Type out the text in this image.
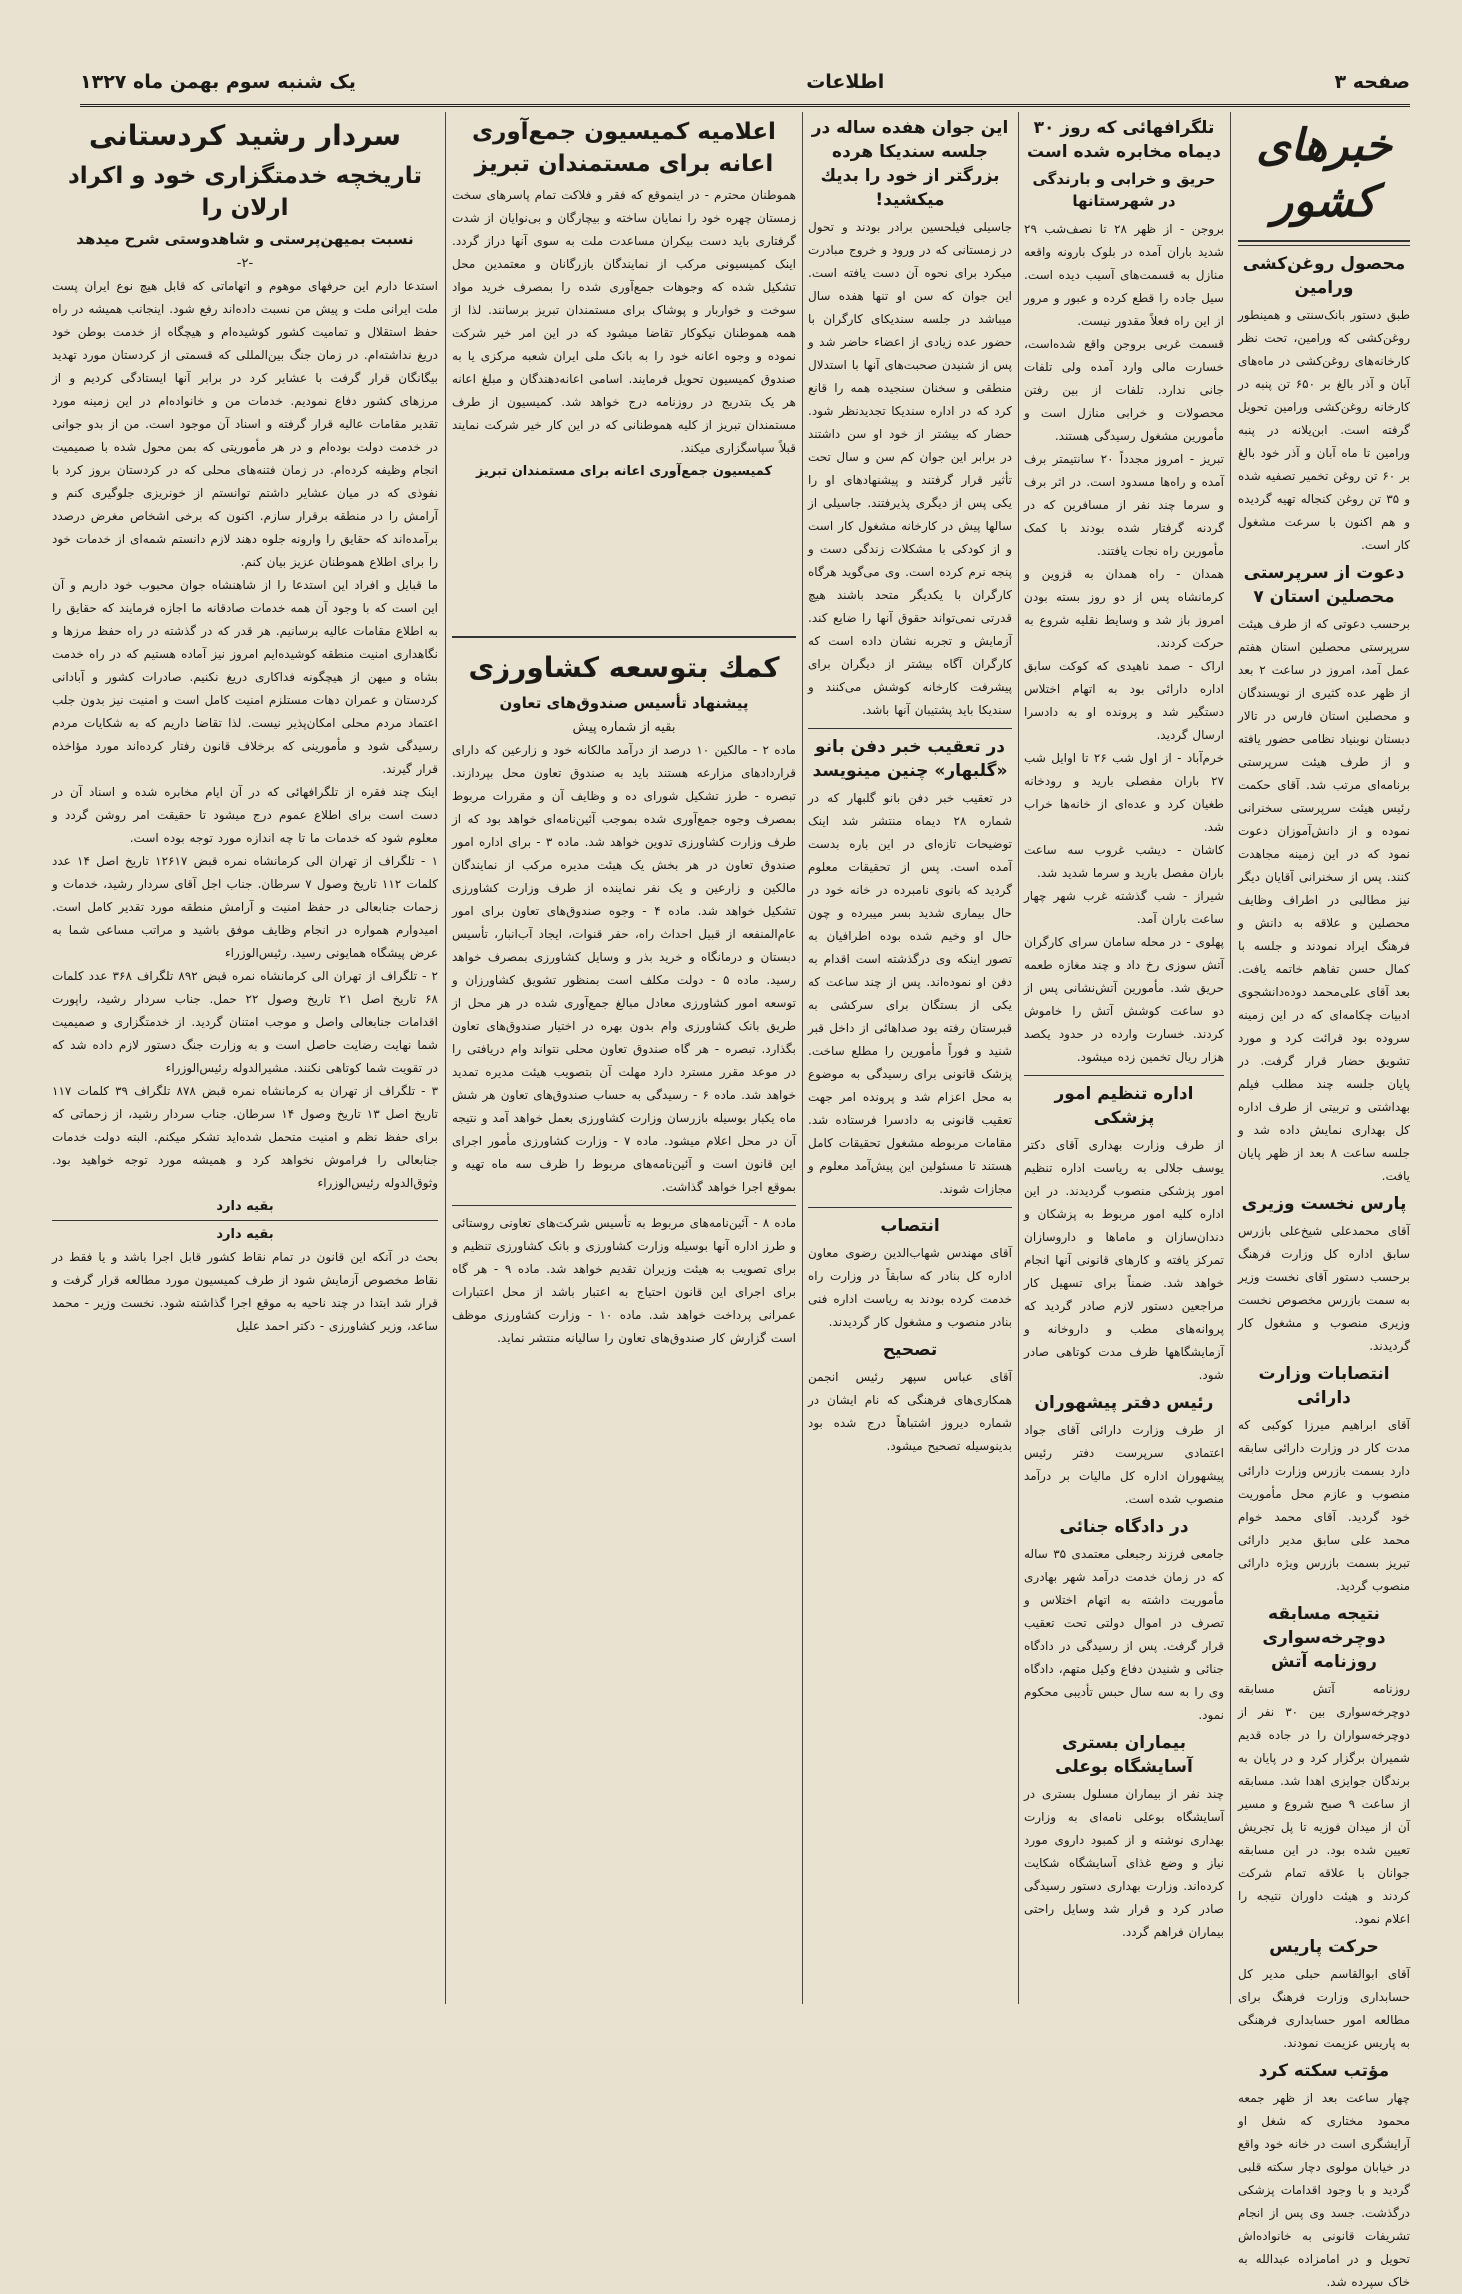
صفحه ۳
اطلاعات
یک شنبه سوم بهمن ماه ۱۳۲۷
خبرهای کشور
محصول روغن‌کشی ورامین
طبق دستور بانک‌سنتی و همینطور روغن‌کشی که ورامین، تحت نظر کارخانه‌های روغن‌کشی در ماه‌های آبان و آذر بالغ بر ۶۵۰ تن پنبه در کارخانه روغن‌کشی ورامین تحویل گرفته است. ابن‌یلانه در پنبه ورامین تا ماه آبان و آذر خود بالغ بر ۶۰ تن روغن تخمیر تصفیه شده و ۳۵ تن روغن کنجاله تهیه گردیده و هم اکنون با سرعت مشغول کار است.
دعوت از سرپرستی محصلین استان ۷
برحسب دعوتی که از طرف هیئت سرپرستی محصلین استان هفتم عمل آمد، امروز در ساعت ۲ بعد از ظهر عده کثیری از نویسندگان و محصلین استان فارس در تالار دبستان نوبنیاد نظامی حضور یافته و از طرف هیئت سرپرستی برنامه‌ای مرتب شد. آقای حکمت رئیس هیئت سرپرستی سخنرانی نموده و از دانش‌آموزان دعوت نمود که در این زمینه مجاهدت کنند. پس از سخنرانی آقایان دیگر نیز مطالبی در اطراف وظایف محصلین و علاقه به دانش و فرهنگ ایراد نمودند و جلسه با کمال حسن تفاهم خاتمه یافت. بعد آقای علی‌محمد دوده‌دانشجوی ادبیات چکامه‌ای که در این زمینه سروده بود قرائت کرد و مورد تشویق حضار قرار گرفت. در پایان جلسه چند مطلب فیلم بهداشتی و تربیتی از طرف اداره کل بهداری نمایش داده شد و جلسه ساعت ۸ بعد از ظهر پایان یافت.
پارس نخست وزیری
آقای محمدعلی شیخ‌علی بازرس سابق اداره کل وزارت فرهنگ برحسب دستور آقای نخست وزیر به سمت بازرس مخصوص نخست وزیری منصوب و مشغول کار گردیدند.
انتصابات وزارت دارائی
آقای ابراهیم میرزا کوکبی که مدت کار در وزارت دارائی سابقه دارد بسمت بازرس وزارت دارائی منصوب و عازم محل مأموریت خود گردید. آقای محمد خوام محمد علی سابق مدیر دارائی تبریز بسمت بازرس ویژه دارائی منصوب گردید.
نتیجه مسابقه دوچرخه‌سواری روزنامه آتش
روزنامه آتش مسابقه دوچرخه‌سواری بین ۳۰ نفر از دوچرخه‌سواران را در جاده قدیم شمیران برگزار کرد و در پایان به برندگان جوایزی اهدا شد. مسابقه از ساعت ۹ صبح شروع و مسیر آن از میدان فوزیه تا پل تجریش تعیین شده بود. در این مسابقه جوانان با علاقه تمام شرکت کردند و هیئت داوران نتیجه را اعلام نمود.
حرکت پاریس
آقای ابوالقاسم حبلی مدیر کل حسابداری وزارت فرهنگ برای مطالعه امور حسابداری فرهنگی به پاریس عزیمت نمودند.
مؤتب سکته کرد
چهار ساعت بعد از ظهر جمعه محمود مختاری که شغل او آرایشگری است در خانه خود واقع در خیابان مولوی دچار سکته قلبی گردید و با وجود اقدامات پزشکی درگذشت. جسد وی پس از انجام تشریفات قانونی به خانواده‌اش تحویل و در امامزاده عبدالله به خاک سپرده شد.
تلگرافهائی که روز ۳۰ دیماه مخابره شده است
حریق و خرابی و بارندگی در شهرستانها
بروجن - از ظهر ۲۸ تا نصف‌شب ۲۹ شدید باران آمده در بلوک بارونه واقعه منازل به قسمت‌های آسیب دیده است. سیل جاده را قطع کرده و عبور و مرور از این راه فعلاً مقدور نیست.
قسمت غربی بروجن واقع شده‌است، خسارت مالی وارد آمده ولی تلفات جانی ندارد. تلفات از بین رفتن محصولات و خرابی منازل است و مأمورین مشغول رسیدگی هستند.
تبریز - امروز مجدداً ۲۰ سانتیمتر برف آمده و راه‌ها مسدود است. در اثر برف و سرما چند نفر از مسافرین که در گردنه گرفتار شده بودند با کمک مأمورین راه نجات یافتند.
همدان - راه همدان به قزوین و کرمانشاه پس از دو روز بسته بودن امروز باز شد و وسایط نقلیه شروع به حرکت کردند.
اراک - صمد ناهیدی که کوکت سابق اداره دارائی بود به اتهام اختلاس دستگیر شد و پرونده او به دادسرا ارسال گردید.
خرم‌آباد - از اول شب ۲۶ تا اوایل شب ۲۷ باران مفصلی بارید و رودخانه طغیان کرد و عده‌ای از خانه‌ها خراب شد.
کاشان - دیشب غروب سه ساعت باران مفصل بارید و سرما شدید شد.
شیراز - شب گذشته غرب شهر چهار ساعت باران آمد.
پهلوی - در محله سامان سرای کارگران آتش سوزی رخ داد و چند مغازه طعمه حریق شد. مأمورین آتش‌نشانی پس از دو ساعت کوشش آتش را خاموش کردند. خسارت وارده در حدود یکصد هزار ریال تخمین زده میشود.
اداره تنظیم امور پزشکی
از طرف وزارت بهداری آقای دکتر یوسف جلالی به ریاست اداره تنظیم امور پزشکی منصوب گردیدند. در این اداره کلیه امور مربوط به پزشکان و دندان‌سازان و ماماها و داروسازان تمرکز یافته و کارهای قانونی آنها انجام خواهد شد. ضمناً برای تسهیل کار مراجعین دستور لازم صادر گردید که پروانه‌های مطب و داروخانه و آزمایشگاهها ظرف مدت کوتاهی صادر شود.
رئیس دفتر پیشهوران
از طرف وزارت دارائی آقای جواد اعتمادی سرپرست دفتر رئیس پیشهوران اداره کل مالیات بر درآمد منصوب شده است.
در دادگاه جنائی
جامعی فرزند رجبعلی معتمدی ۳۵ ساله که در زمان خدمت درآمد شهر بهادری مأموریت داشته به اتهام اختلاس و تصرف در اموال دولتی تحت تعقیب قرار گرفت. پس از رسیدگی در دادگاه جنائی و شنیدن دفاع وکیل متهم، دادگاه وی را به سه سال حبس تأدیبی محکوم نمود.
بیماران بستری آسایشگاه بوعلی
چند نفر از بیماران مسلول بستری در آسایشگاه بوعلی نامه‌ای به وزارت بهداری نوشته و از کمبود داروی مورد نیاز و وضع غذای آسایشگاه شکایت کرده‌اند. وزارت بهداری دستور رسیدگی صادر کرد و قرار شد وسایل راحتی بیماران فراهم گردد.
این جوان هفده ساله در جلسه سندیکا هرده بزرگتر از خود را بدیك میکشید!
جاسیلی فیلحسین برادر بودند و تحول در زمستانی که در ورود و خروج مبادرت میکرد برای نحوه آن دست یافته است. این جوان که سن او تنها هفده سال میباشد در جلسه سندیکای کارگران با حضور عده زیادی از اعضاء حاضر شد و پس از شنیدن صحبت‌های آنها با استدلال منطقی و سخنان سنجیده همه را قانع کرد که در اداره سندیکا تجدیدنظر شود. حضار که بیشتر از خود او سن داشتند در برابر این جوان کم سن و سال تحت تأثیر قرار گرفتند و پیشنهادهای او را یکی پس از دیگری پذیرفتند. جاسیلی از سالها پیش در کارخانه مشغول کار است و از کودکی با مشکلات زندگی دست و پنجه نرم کرده است. وی می‌گوید هرگاه کارگران با یکدیگر متحد باشند هیچ قدرتی نمی‌تواند حقوق آنها را ضایع کند. آزمایش و تجربه نشان داده است که کارگران آگاه بیشتر از دیگران برای پیشرفت کارخانه کوشش می‌کنند و سندیکا باید پشتیبان آنها باشد.
در تعقیب خبر دفن بانو «گلبهار» چنین مینویسد
در تعقیب خبر دفن بانو گلبهار که در شماره ۲۸ دیماه منتشر شد اینک توضیحات تازه‌ای در این باره بدست آمده است. پس از تحقیقات معلوم گردید که بانوی نامبرده در خانه خود در حال بیماری شدید بسر میبرده و چون حال او وخیم شده بوده اطرافیان به تصور اینکه وی درگذشته است اقدام به دفن او نموده‌اند. پس از چند ساعت که یکی از بستگان برای سرکشی به قبرستان رفته بود صداهائی از داخل قبر شنید و فوراً مأمورین را مطلع ساخت. پزشک قانونی برای رسیدگی به موضوع به محل اعزام شد و پرونده امر جهت تعقیب قانونی به دادسرا فرستاده شد. مقامات مربوطه مشغول تحقیقات کامل هستند تا مسئولین این پیش‌آمد معلوم و مجازات شوند.
انتصاب
آقای مهندس شهاب‌الدین رضوی معاون اداره کل بنادر که سابقاً در وزارت راه خدمت کرده بودند به ریاست اداره فنی بنادر منصوب و مشغول کار گردیدند.
تصحیح
آقای عباس سپهر رئیس انجمن همکاری‌های فرهنگی که نام ایشان در شماره دیروز اشتباهاً درج شده بود بدینوسیله تصحیح میشود.
اعلامیه کمیسیون جمع‌آوری اعانه برای مستمندان تبریز
هموطنان محترم - در اینموقع که فقر و فلاکت تمام پاسرهای سخت زمستان چهره خود را نمایان ساخته و بیچارگان و بی‌نوایان از شدت گرفتاری باید دست بیکران مساعدت ملت به سوی آنها دراز گردد. اینک کمیسیونی مرکب از نمایندگان بازرگانان و معتمدین محل تشکیل شده که وجوهات جمع‌آوری شده را بمصرف خرید مواد سوخت و خواربار و پوشاک برای مستمندان تبریز برسانند. لذا از همه هموطنان نیکوکار تقاضا میشود که در این امر خیر شرکت نموده و وجوه اعانه خود را به بانک ملی ایران شعبه مرکزی یا به صندوق کمیسیون تحویل فرمایند. اسامی اعانه‌دهندگان و مبلغ اعانه هر یک بتدریج در روزنامه درج خواهد شد. کمیسیون از طرف مستمندان تبریز از کلیه هموطنانی که در این کار خیر شرکت نمایند قبلاً سپاسگزاری میکند.
کمیسیون جمع‌آوری اعانه برای مستمندان تبریز
کمك بتوسعه کشاورزی
پیشنهاد تأسیس صندوق‌های تعاون
بقیه از شماره پیش
ماده ۲ - مالکین ۱۰ درصد از درآمد مالکانه خود و زارعین که دارای قراردادهای مزارعه هستند باید به صندوق تعاون محل بپردازند. تبصره - طرز تشکیل شورای ده و وظایف آن و مقررات مربوط بمصرف وجوه جمع‌آوری شده بموجب آئین‌نامه‌ای خواهد بود که از طرف وزارت کشاورزی تدوین خواهد شد. ماده ۳ - برای اداره امور صندوق تعاون در هر بخش یک هیئت مدیره مرکب از نمایندگان مالکین و زارعین و یک نفر نماینده از طرف وزارت کشاورزی تشکیل خواهد شد. ماده ۴ - وجوه صندوق‌های تعاون برای امور عام‌المنفعه از قبیل احداث راه، حفر قنوات، ایجاد آب‌انبار، تأسیس دبستان و درمانگاه و خرید بذر و وسایل کشاورزی بمصرف خواهد رسید. ماده ۵ - دولت مکلف است بمنظور تشویق کشاورزان و توسعه امور کشاورزی معادل مبالغ جمع‌آوری شده در هر محل از طریق بانک کشاورزی وام بدون بهره در اختیار صندوق‌های تعاون بگذارد. تبصره - هر گاه صندوق تعاون محلی نتواند وام دریافتی را در موعد مقرر مسترد دارد مهلت آن بتصویب هیئت مدیره تمدید خواهد شد. ماده ۶ - رسیدگی به حساب صندوق‌های تعاون هر شش ماه یکبار بوسیله بازرسان وزارت کشاورزی بعمل خواهد آمد و نتیجه آن در محل اعلام میشود. ماده ۷ - وزارت کشاورزی مأمور اجرای این قانون است و آئین‌نامه‌های مربوط را ظرف سه ماه تهیه و بموقع اجرا خواهد گذاشت.
ماده ۸ - آئین‌نامه‌های مربوط به تأسیس شرکت‌های تعاونی روستائی و طرز اداره آنها بوسیله وزارت کشاورزی و بانک کشاورزی تنظیم و برای تصویب به هیئت وزیران تقدیم خواهد شد. ماده ۹ - هر گاه برای اجرای این قانون احتیاج به اعتبار باشد از محل اعتبارات عمرانی پرداخت خواهد شد. ماده ۱۰ - وزارت کشاورزی موظف است گزارش کار صندوق‌های تعاون را سالیانه منتشر نماید.
سردار رشید کردستانی
تاریخچه خدمتگزاری خود و اکراد ارلان را
نسبت بمیهن‌پرستی و شاهدوستی شرح میدهد
-۲-
استدعا دارم این حرفهای موهوم و اتهاماتی که قابل هیچ نوع ایران پست ملت ایرانی ملت و پیش من نسبت داده‌اند رفع شود. اینجانب همیشه در راه حفظ استقلال و تمامیت کشور کوشیده‌ام و هیچگاه از خدمت بوطن خود دریغ نداشته‌ام. در زمان جنگ بین‌المللی که قسمتی از کردستان مورد تهدید بیگانگان قرار گرفت با عشایر کرد در برابر آنها ایستادگی کردیم و از مرزهای کشور دفاع نمودیم. خدمات من و خانواده‌ام در این زمینه مورد تقدیر مقامات عالیه قرار گرفته و اسناد آن موجود است. من از بدو جوانی در خدمت دولت بوده‌ام و در هر مأموریتی که بمن محول شده با صمیمیت انجام وظیفه کرده‌ام. در زمان فتنه‌های محلی که در کردستان بروز کرد با نفوذی که در میان عشایر داشتم توانستم از خونریزی جلوگیری کنم و آرامش را در منطقه برقرار سازم. اکنون که برخی اشخاص مغرض درصدد برآمده‌اند که حقایق را وارونه جلوه دهند لازم دانستم شمه‌ای از خدمات خود را برای اطلاع هموطنان عزیز بیان کنم.
ما قبایل و افراد این استدعا را از شاهنشاه جوان محبوب خود داریم و آن این است که با وجود آن همه خدمات صادقانه ما اجازه فرمایند که حقایق را به اطلاع مقامات عالیه برسانیم. هر قدر که در گذشته در راه حفظ مرزها و نگاهداری امنیت منطقه کوشیده‌ایم امروز نیز آماده هستیم که در راه خدمت بشاه و میهن از هیچگونه فداکاری دریغ نکنیم. صادرات کشور و آبادانی کردستان و عمران دهات مستلزم امنیت کامل است و امنیت نیز بدون جلب اعتماد مردم محلی امکان‌پذیر نیست. لذا تقاضا داریم که به شکایات مردم رسیدگی شود و مأمورینی که برخلاف قانون رفتار کرده‌اند مورد مؤاخذه قرار گیرند.
اینک چند فقره از تلگرافهائی که در آن ایام مخابره شده و اسناد آن در دست است برای اطلاع عموم درج میشود تا حقیقت امر روشن گردد و معلوم شود که خدمات ما تا چه اندازه مورد توجه بوده است.
۱ - تلگراف از تهران الی کرمانشاه نمره قبض ۱۲۶۱۷ تاریخ اصل ۱۴ عدد کلمات ۱۱۲ تاریخ وصول ۷ سرطان. جناب اجل آقای سردار رشید، خدمات و زحمات جنابعالی در حفظ امنیت و آرامش منطقه مورد تقدیر کامل است. امیدوارم همواره در انجام وظایف موفق باشید و مراتب مساعی شما به عرض پیشگاه همایونی رسید. رئیس‌الوزراء
۲ - تلگراف از تهران الی کرمانشاه نمره قبض ۸۹۲ تلگراف ۳۶۸ عدد کلمات ۶۸ تاریخ اصل ۲۱ تاریخ وصول ۲۲ حمل. جناب سردار رشید، راپورت اقدامات جنابعالی واصل و موجب امتنان گردید. از خدمتگزاری و صمیمیت شما نهایت رضایت حاصل است و به وزارت جنگ دستور لازم داده شد که در تقویت شما کوتاهی نکنند. مشیرالدوله رئیس‌الوزراء
۳ - تلگراف از تهران به کرمانشاه نمره قبض ۸۷۸ تلگراف ۳۹ کلمات ۱۱۷ تاریخ اصل ۱۳ تاریخ وصول ۱۴ سرطان. جناب سردار رشید، از زحماتی که برای حفظ نظم و امنیت متحمل شده‌اید تشکر میکنم. البته دولت خدمات جنابعالی را فراموش نخواهد کرد و همیشه مورد توجه خواهید بود. وثوق‌الدوله رئیس‌الوزراء
بقیه دارد
بقیه دارد
بحث در آنکه این قانون در تمام نقاط کشور قابل اجرا باشد و یا فقط در نقاط مخصوص آزمایش شود از طرف کمیسیون مورد مطالعه قرار گرفت و قرار شد ابتدا در چند ناحیه به موقع اجرا گذاشته شود. نخست وزیر - محمد ساعد، وزیر کشاورزی - دکتر احمد علیل
